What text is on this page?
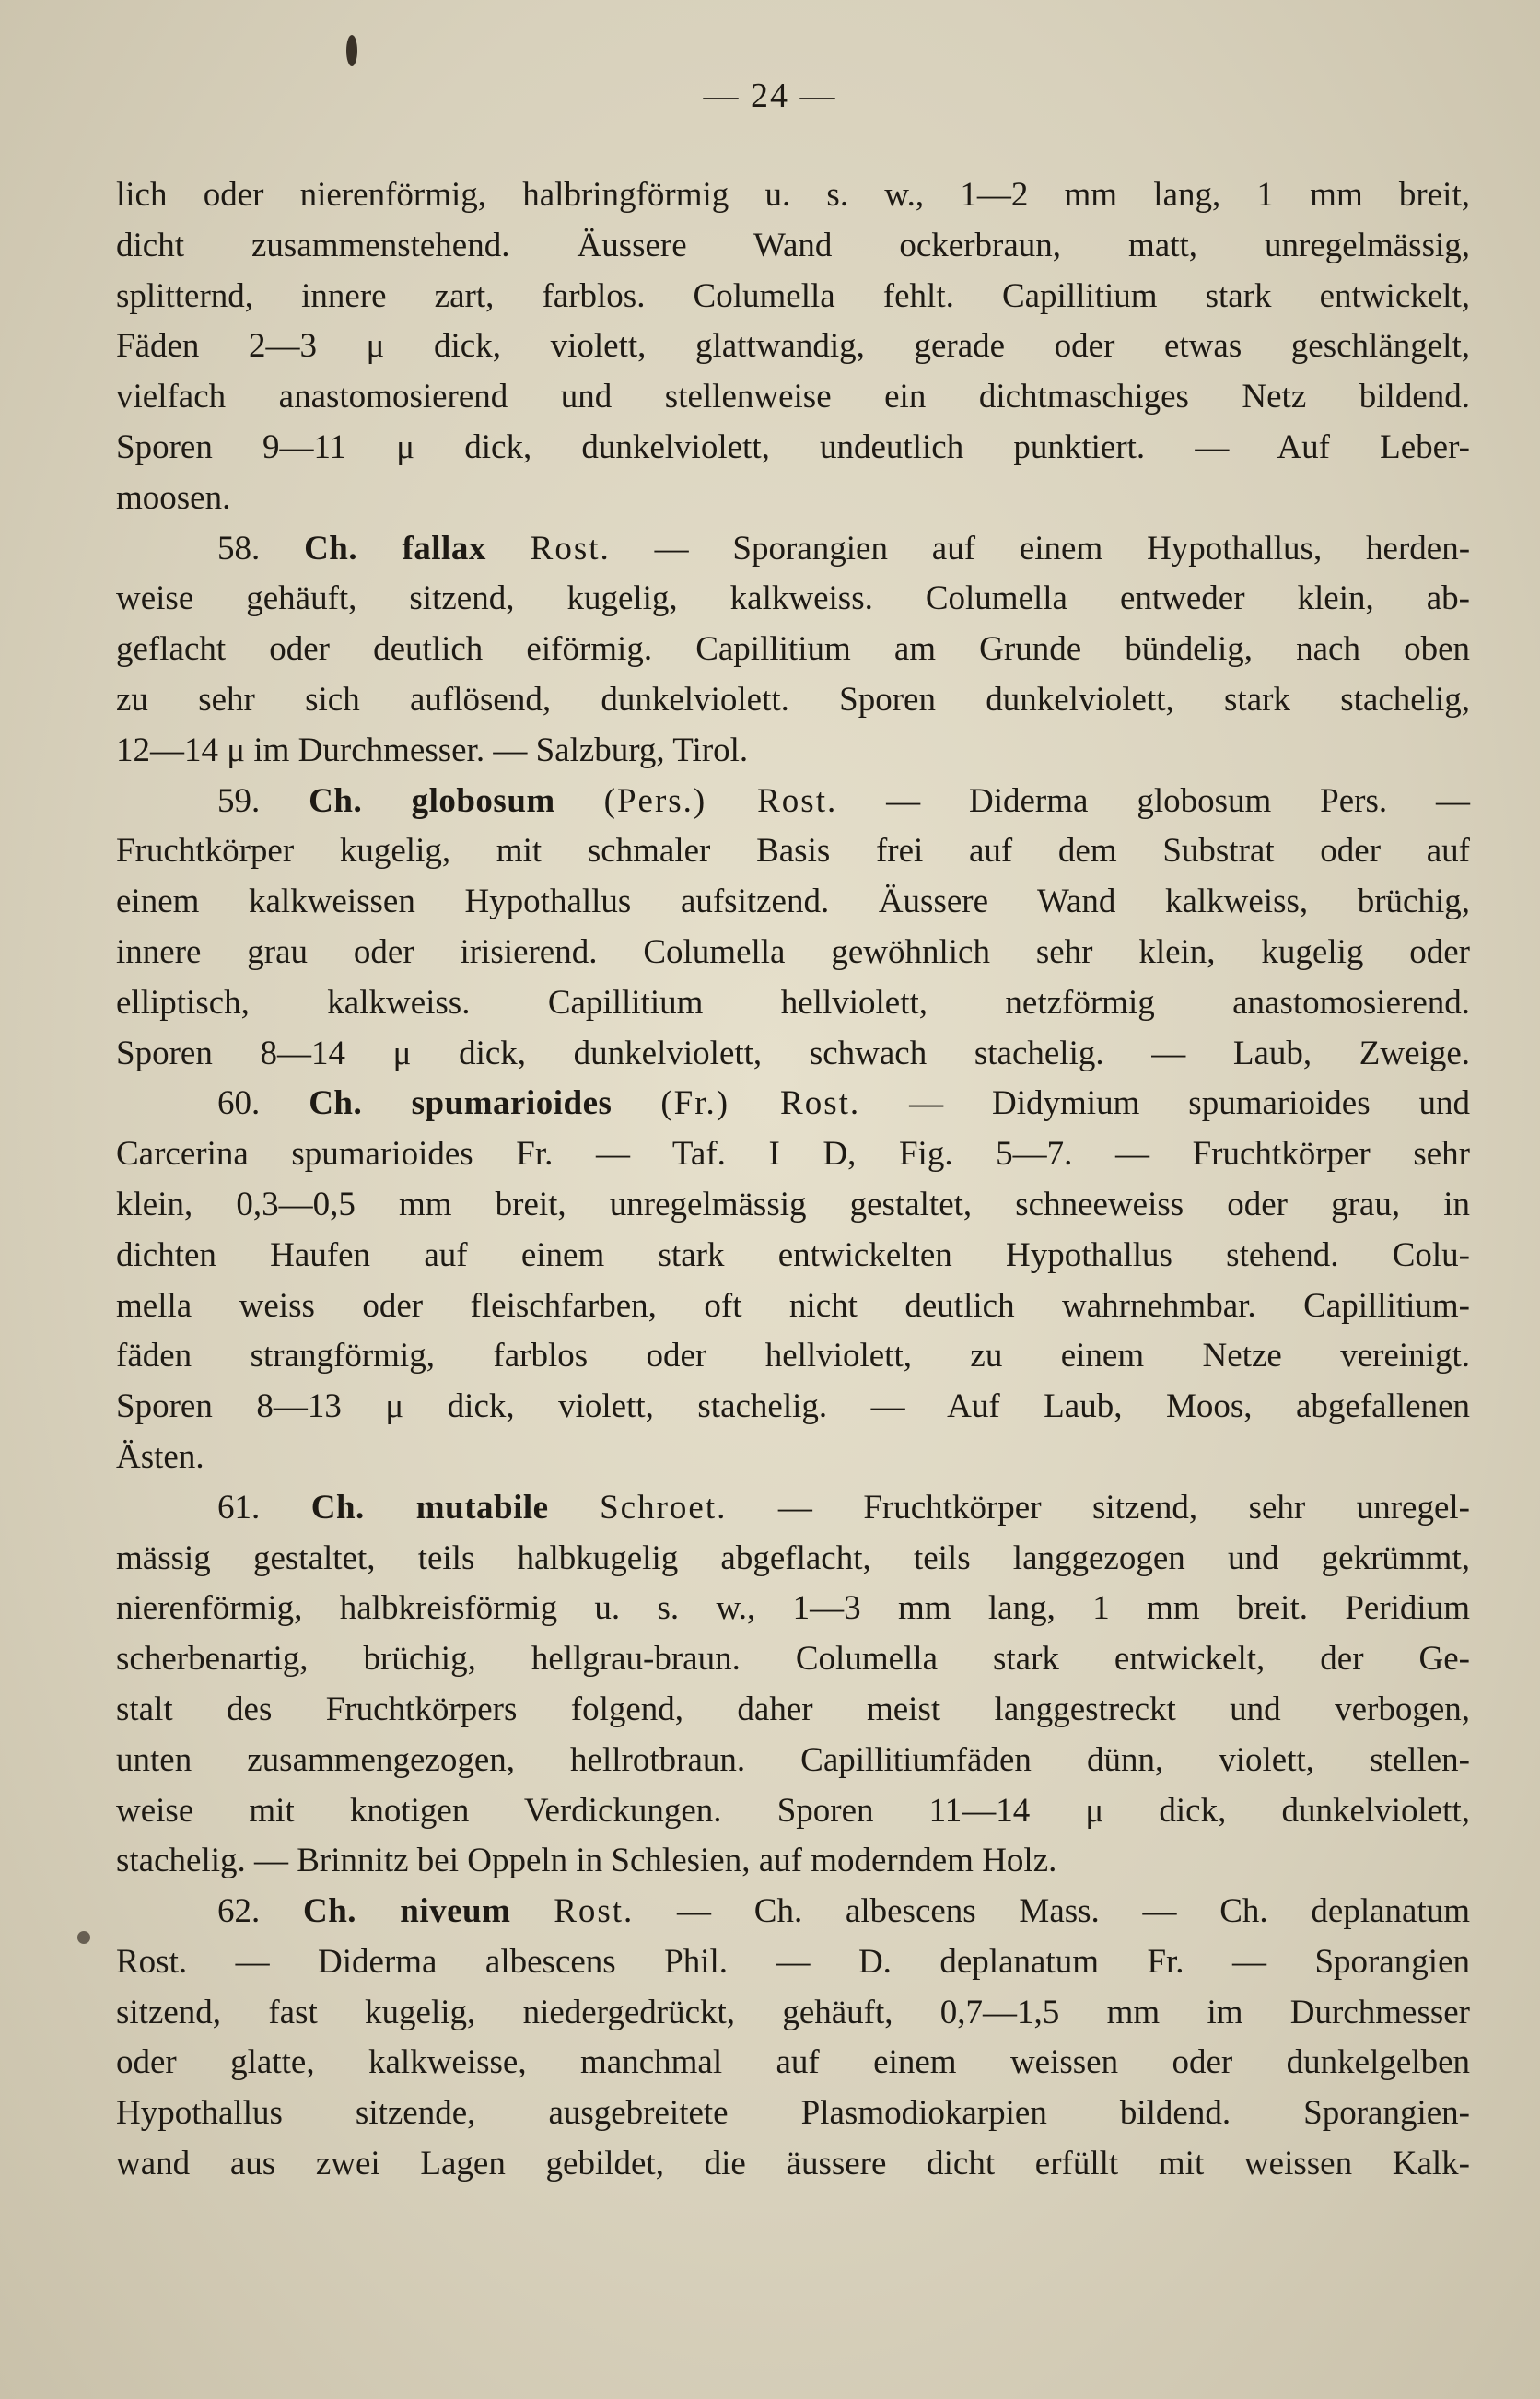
— 24 —
lich oder nierenförmig, halbringförmig u. s. w., 1—2 mm lang, 1 mm breit,
dicht zusammenstehend. Äussere Wand ockerbraun, matt, unregelmässig,
splitternd, innere zart, farblos. Columella fehlt. Capillitium stark entwickelt,
Fäden 2—3 μ dick, violett, glattwandig, gerade oder etwas geschlängelt,
vielfach anastomosierend und stellenweise ein dichtmaschiges Netz bildend.
Sporen 9—11 μ dick, dunkelviolett, undeutlich punktiert. — Auf Leber-
moosen.
58. Ch. fallax Rost. — Sporangien auf einem Hypothallus, herden-
weise gehäuft, sitzend, kugelig, kalkweiss. Columella entweder klein, ab-
geflacht oder deutlich eiförmig. Capillitium am Grunde bündelig, nach oben
zu sehr sich auflösend, dunkelviolett. Sporen dunkelviolett, stark stachelig,
12—14 μ im Durchmesser. — Salzburg, Tirol.
59. Ch. globosum (Pers.) Rost. — Diderma globosum Pers. —
Fruchtkörper kugelig, mit schmaler Basis frei auf dem Substrat oder auf
einem kalkweissen Hypothallus aufsitzend. Äussere Wand kalkweiss, brüchig,
innere grau oder irisierend. Columella gewöhnlich sehr klein, kugelig oder
elliptisch, kalkweiss. Capillitium hellviolett, netzförmig anastomosierend.
Sporen 8—14 μ dick, dunkelviolett, schwach stachelig. — Laub, Zweige.
60. Ch. spumarioides (Fr.) Rost. — Didymium spumarioides und
Carcerina spumarioides Fr. — Taf. I D, Fig. 5—7. — Fruchtkörper sehr
klein, 0,3—0,5 mm breit, unregelmässig gestaltet, schneeweiss oder grau, in
dichten Haufen auf einem stark entwickelten Hypothallus stehend. Colu-
mella weiss oder fleischfarben, oft nicht deutlich wahrnehmbar. Capillitium-
fäden strangförmig, farblos oder hellviolett, zu einem Netze vereinigt.
Sporen 8—13 μ dick, violett, stachelig. — Auf Laub, Moos, abgefallenen
Ästen.
61. Ch. mutabile Schroet. — Fruchtkörper sitzend, sehr unregel-
mässig gestaltet, teils halbkugelig abgeflacht, teils langgezogen und gekrümmt,
nierenförmig, halbkreisförmig u. s. w., 1—3 mm lang, 1 mm breit. Peridium
scherbenartig, brüchig, hellgrau-braun. Columella stark entwickelt, der Ge-
stalt des Fruchtkörpers folgend, daher meist langgestreckt und verbogen,
unten zusammengezogen, hellrotbraun. Capillitiumfäden dünn, violett, stellen-
weise mit knotigen Verdickungen. Sporen 11—14 μ dick, dunkelviolett,
stachelig. — Brinnitz bei Oppeln in Schlesien, auf moderndem Holz.
62. Ch. niveum Rost. — Ch. albescens Mass. — Ch. deplanatum
Rost. — Diderma albescens Phil. — D. deplanatum Fr. — Sporangien
sitzend, fast kugelig, niedergedrückt, gehäuft, 0,7—1,5 mm im Durchmesser
oder glatte, kalkweisse, manchmal auf einem weissen oder dunkelgelben
Hypothallus sitzende, ausgebreitete Plasmodiokarpien bildend. Sporangien-
wand aus zwei Lagen gebildet, die äussere dicht erfüllt mit weissen Kalk-
